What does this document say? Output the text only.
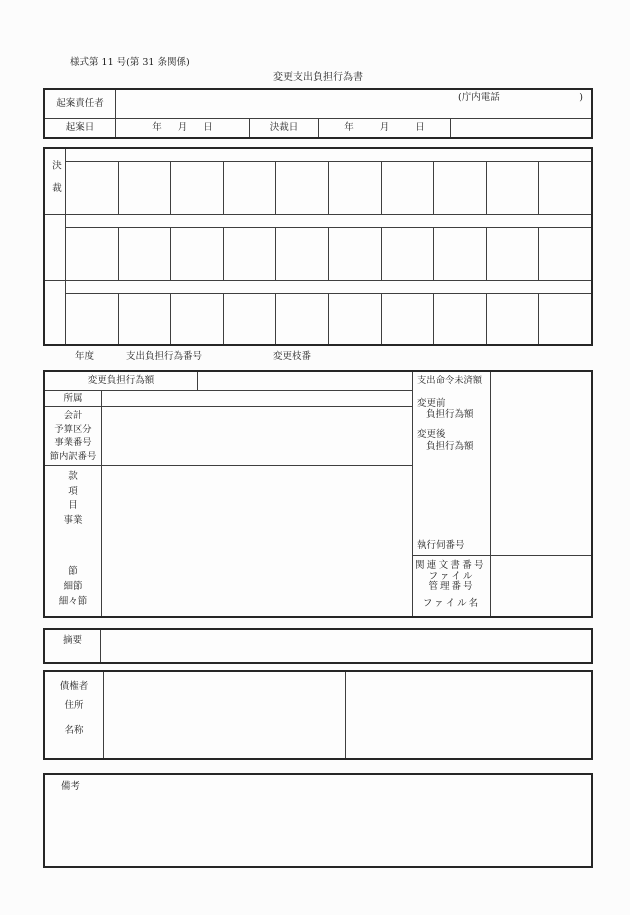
様式第 11 号(第 31 条関係)
変更支出負担行為書
起案責任者
(庁内電話	)
起案日	年 月 日	決裁日	年	月	日
決裁
年度	支出負担行為番号	変更枝番
変更負担行為額
所属
会計
予算区分
事業番号
節内訳番号
款
項
目
事業
節
細節
細々節
支出命令未済額
変更前
負担行為額
変更後
負担行為額
執行伺番号
関連文書番号
ファイル
管理番号
ファイル名
摘要
債権者
住所
名称
備考
